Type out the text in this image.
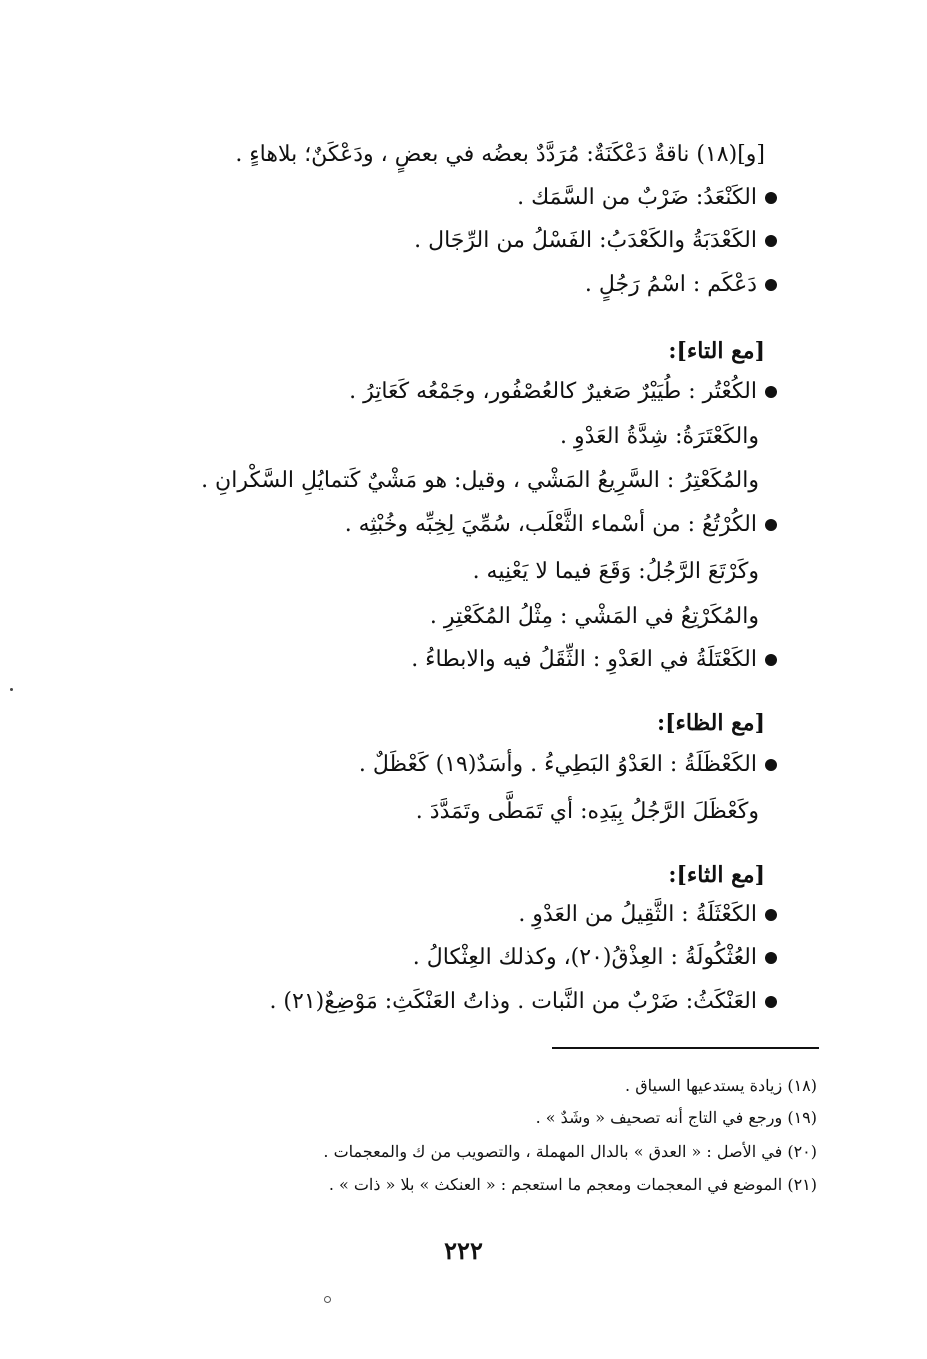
[و](١٨) ناقةٌ دَعْكَنَةٌ: مُرَدَّدٌ بعضُه في بعضٍ ، ودَعْكَنٌ؛ بلاهاءٍ .
الكَنْعَدُ: ضَرْبٌ من السَّمَك .
الكَعْدَبَةُ والكَعْدَبُ: الفَسْلُ من الرِّجَال .
دَعْكَم : اسْمُ رَجُلٍ .
[مع التاء]:
الكُعْتُر : طُيَيْرٌ صَغيرٌ كالعُصْفُور، وجَمْعُه كَعَاتِرُ .
والكَعْتَرَةُ: شِدَّةُ العَدْوِ .
والمُكَعْتِرُ : السَّرِيعُ المَشْي ، وقيل: هو مَشْيٌ كَتمايُلِ السَّكْرانِ .
الكُرْتُعُ : من أسْماء الثَّعْلَب، سُمِّيَ لِخِبِّه وخُبْثِه .
وكَرْتَعَ الرَّجُلُ: وَقَعَ فيما لا يَعْنِيه .
والمُكَرْتِعُ في المَشْي : مِثْلُ المُكَعْتِرِ .
الكَعْتَلَةُ في العَدْوِ : الثِّقَلُ فيه والابطاءُ .
[مع الظاء]:
الكَعْظَلَةُ : العَدْوُ البَطِيءُ . وأسَدٌ(١٩) كَعْظَلٌ .
وكَعْظَلَ الرَّجُلُ بِيَدِه: أي تَمَطَّى وتَمَدَّدَ .
[مع الثاء]:
الكَعْثَلَةُ : الثَّقِيلُ من العَدْوِ .
العُثْكُولَةُ : العِذْقُ(٢٠)، وكذلك العِثْكالُ .
العَنْكَثُ: ضَرْبٌ من النَّبات . وذاتُ العَنْكَثِ: مَوْضِعٌ(٢١) .
(١٨) زيادة يستدعيها السياق .
(١٩) ورجع في التاج أنه تصحيف « وشَدٌ » .
(٢٠) في الأصل : « العدق » بالدال المهملة ، والتصويب من ك والمعجمات .
(٢١) الموضع في المعجمات ومعجم ما استعجم : « العنكث » بلا « ذات » .
٢٢٢
